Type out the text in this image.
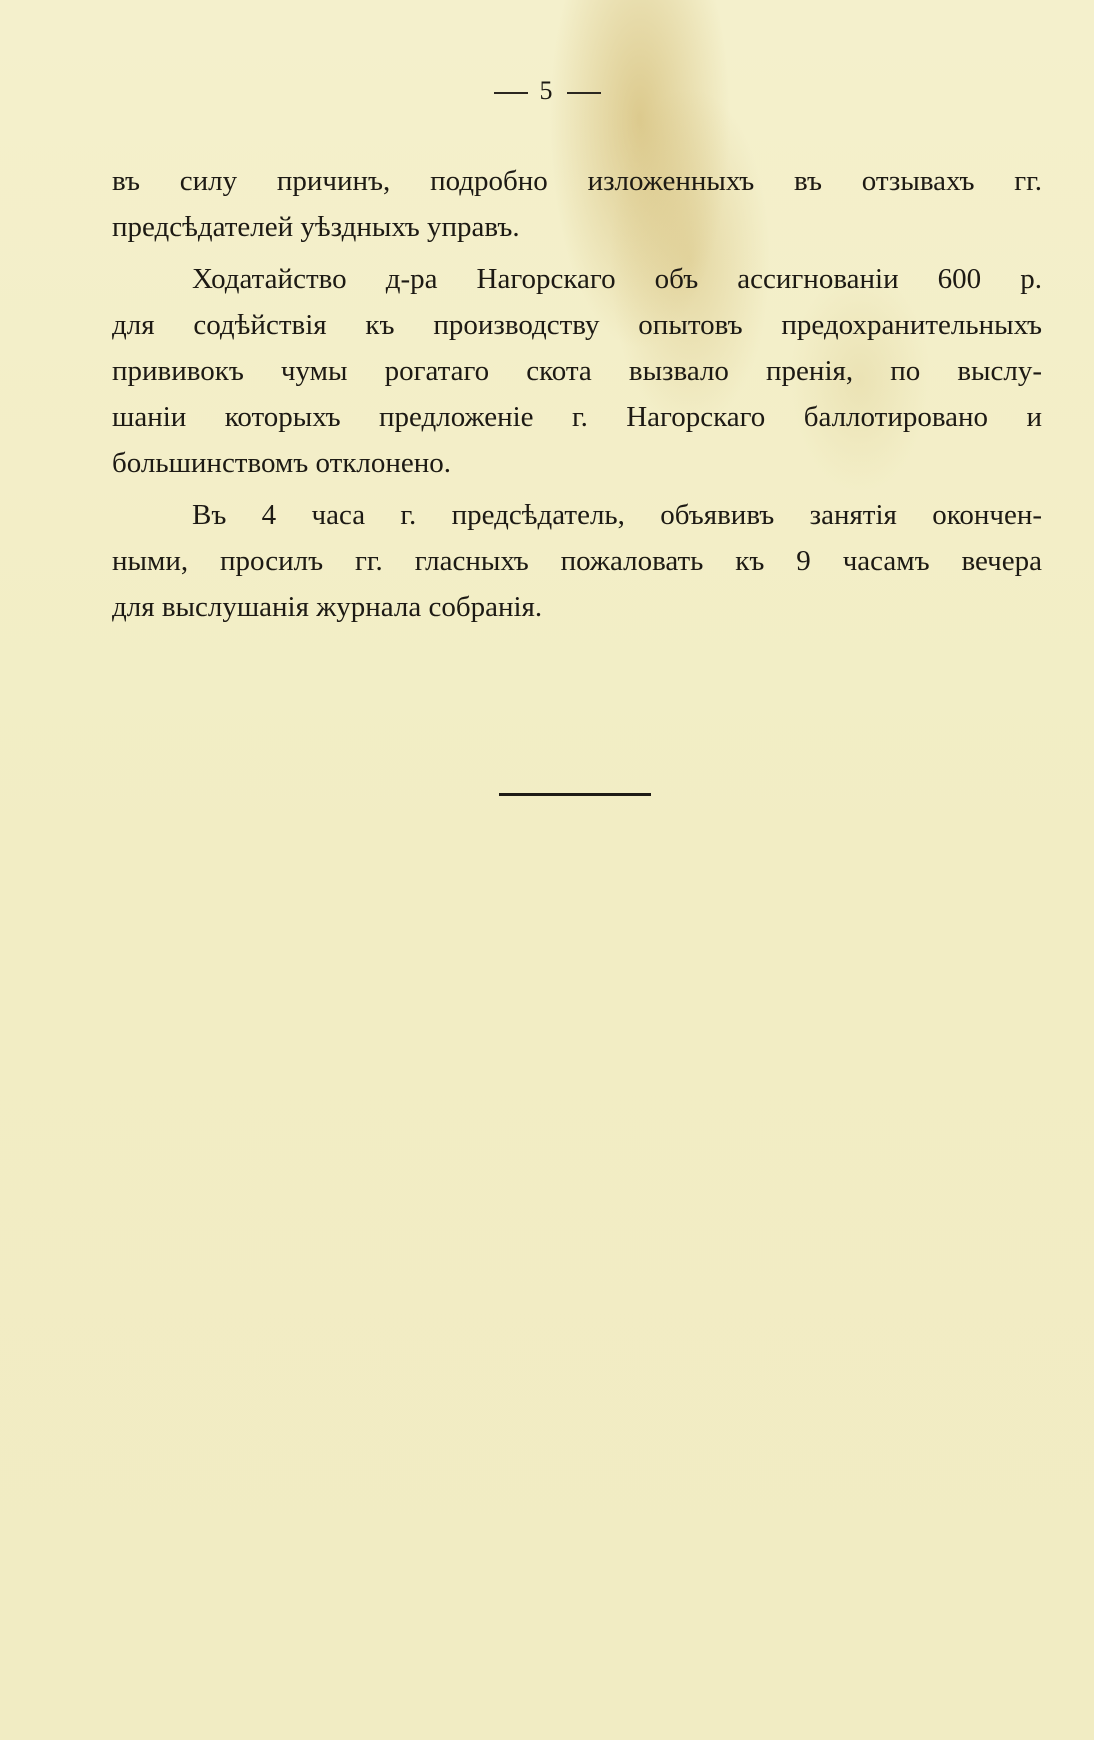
5
въ силу причинъ, подробно изложенныхъ въ отзывахъ гг.
предсѣдателей уѣздныхъ управъ.
Ходатайство д-ра Нагорскаго объ ассигнованіи 600 р.
для содѣйствія къ производству опытовъ предохранительныхъ
прививокъ чумы рогатаго скота вызвало пренія, по выслу-
шаніи которыхъ предложеніе г. Нагорскаго баллотировано и
большинствомъ отклонено.
Въ 4 часа г. предсѣдатель, объявивъ занятія окончен-
ными, просилъ гг. гласныхъ пожаловать къ 9 часамъ вечера
для выслушанія журнала собранія.
